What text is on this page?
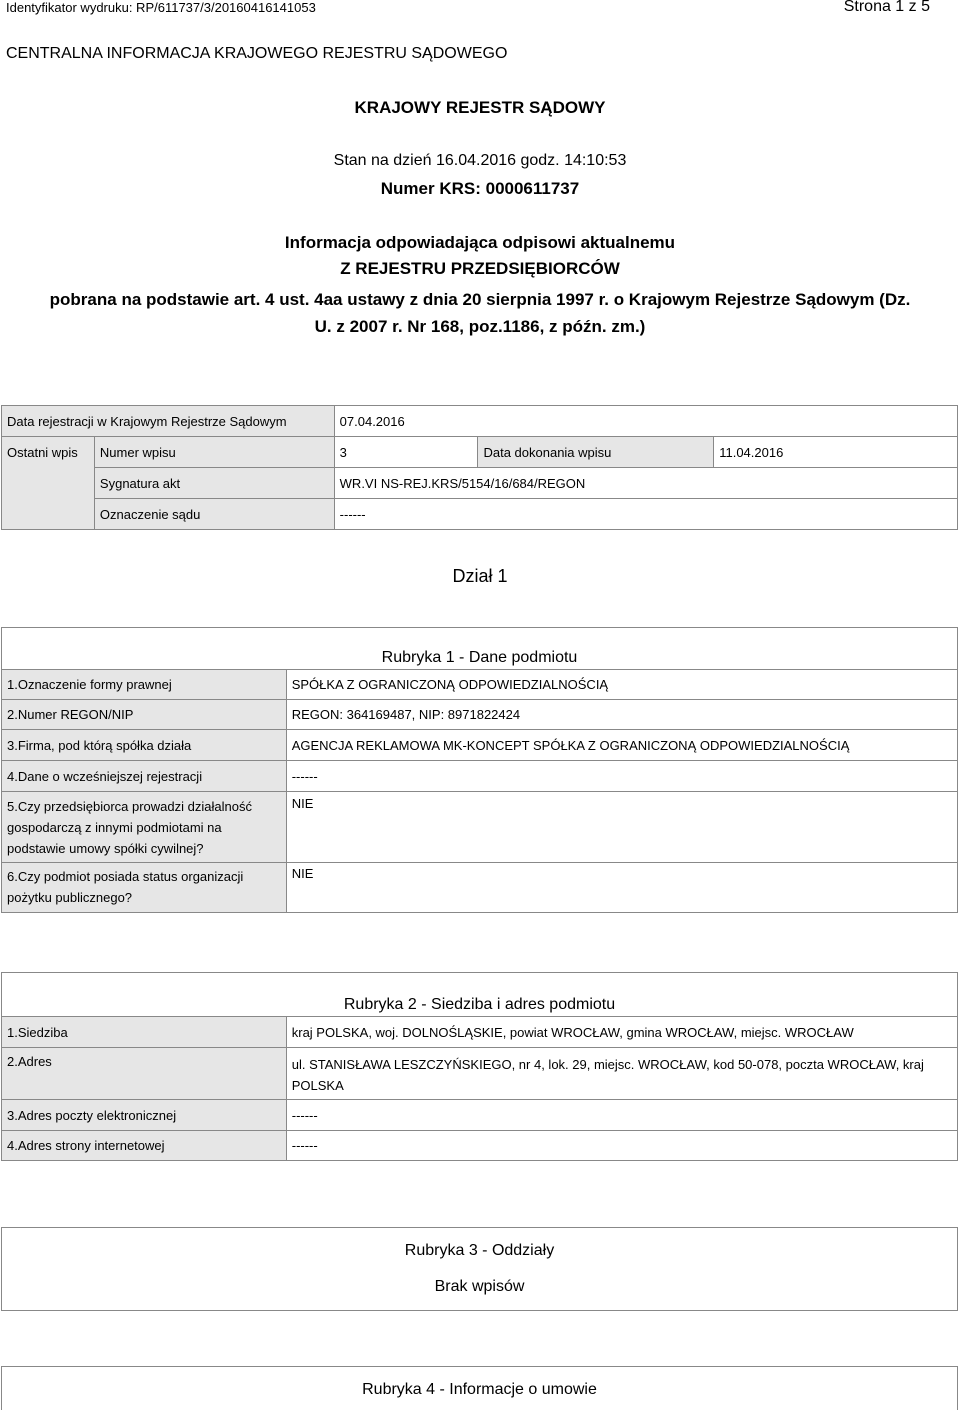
Identyfikator wydruku: RP/611737/3/20160416141053	Strona 1 z 5
CENTRALNA INFORMACJA KRAJOWEGO REJESTRU SĄDOWEGO
KRAJOWY REJESTR SĄDOWY
Stan na dzień 16.04.2016 godz. 14:10:53
Numer KRS: 0000611737
Informacja odpowiadająca odpisowi aktualnemu
Z REJESTRU PRZEDSIĘBIORCÓW
pobrana na podstawie art. 4 ust. 4aa ustawy z dnia 20 sierpnia 1997 r. o Krajowym Rejestrze Sądowym (Dz. U. z 2007 r. Nr 168, poz.1186, z późn. zm.)
Data rejestracji w Krajowym Rejestrze Sądowym		07.04.2016		

Ostatni wpis	Numer wpisu	3	Data dokonania wpisu	11.04.2016
	Sygnatura akt	WR.VI NS-REJ.KRS/5154/16/684/REGON		
	Oznaczenie sądu	------		
Dział 1
Rubryka 1 - Dane podmiotu	
1.Oznaczenie formy prawnej	SPÓŁKA Z OGRANICZONĄ ODPOWIEDZIALNOŚCIĄ
2.Numer REGON/NIP	REGON: 364169487, NIP: 8971822424
3.Firma, pod którą spółka działa	AGENCJA REKLAMOWA MK-KONCEPT SPÓŁKA Z OGRANICZONĄ ODPOWIEDZIALNOŚCIĄ
4.Dane o wcześniejszej rejestracji	------
5.Czy przedsiębiorca prowadzi działalność gospodarczą z innymi podmiotami na podstawie umowy spółki cywilnej?	NIE
6.Czy podmiot posiada status organizacji pożytku publicznego?	NIE
Rubryka 2 - Siedziba i adres podmiotu	
1.Siedziba	kraj POLSKA, woj. DOLNOŚLĄSKIE, powiat WROCŁAW, gmina WROCŁAW, miejsc. WROCŁAW
2.Adres	ul. STANISŁAWA LESZCZYŃSKIEGO, nr 4, lok. 29, miejsc. WROCŁAW, kod 50-078, poczta WROCŁAW, kraj POLSKA
3.Adres poczty elektronicznej	------
4.Adres strony internetowej	------
Rubryka 3 - Oddziały
Brak wpisów
Rubryka 4 - Informacje o umowie
